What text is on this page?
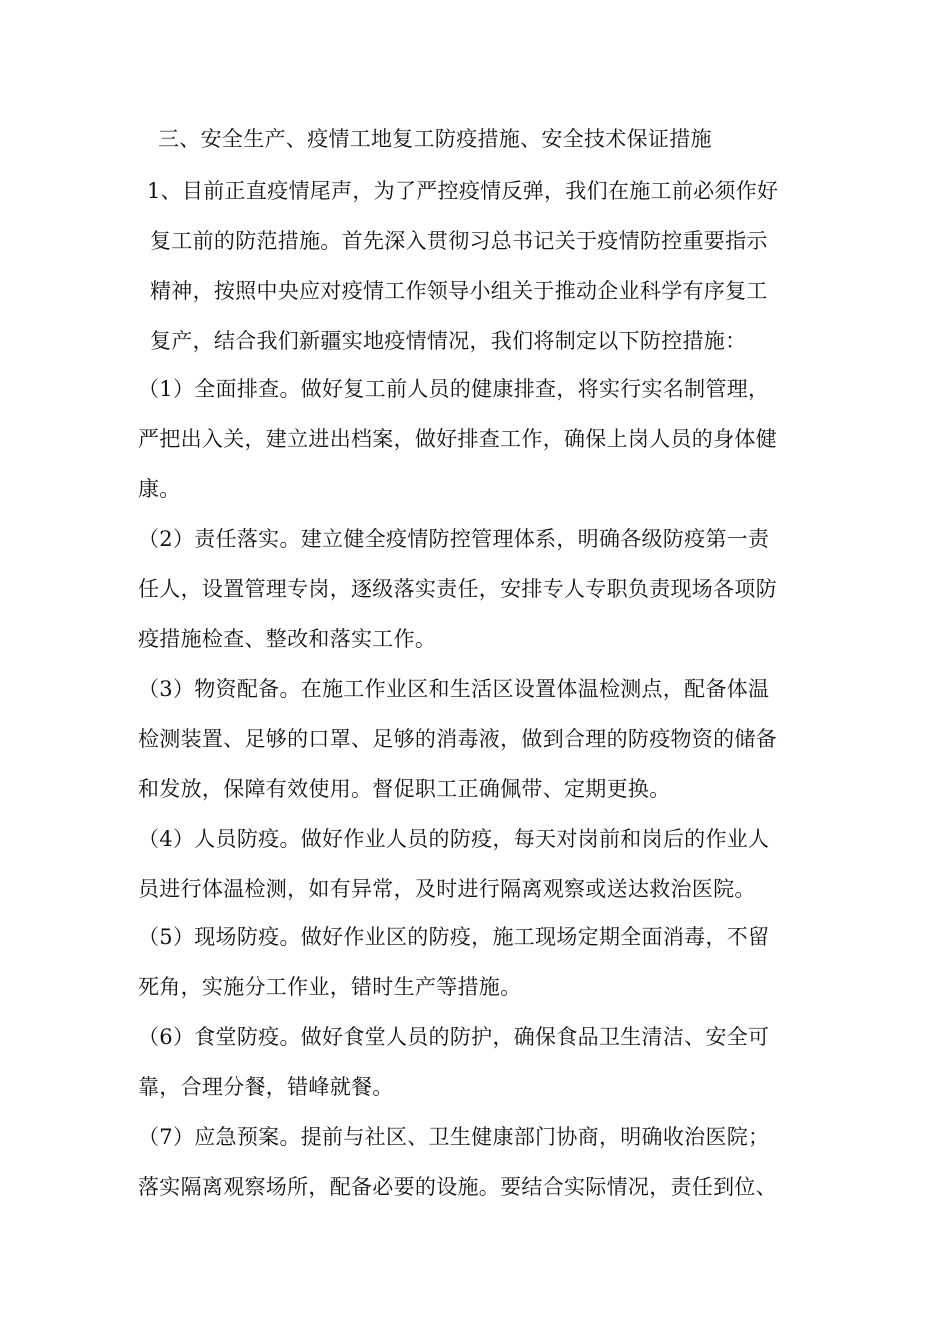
三、安全生产、疫情工地复工防疫措施、安全技术保证措施
1、目前正直疫情尾声，为了严控疫情反弹，我们在施工前必须作好
复工前的防范措施。首先深入贯彻习总书记关于疫情防控重要指示
精神，按照中央应对疫情工作领导小组关于推动企业科学有序复工
复产，结合我们新疆实地疫情情况，我们将制定以下防控措施：
（1）全面排查。做好复工前人员的健康排查，将实行实名制管理，
严把出入关，建立进出档案，做好排查工作，确保上岗人员的身体健
康。
（2）责任落实。建立健全疫情防控管理体系，明确各级防疫第一责
任人，设置管理专岗，逐级落实责任，安排专人专职负责现场各项防
疫措施检查、整改和落实工作。
（3）物资配备。在施工作业区和生活区设置体温检测点，配备体温
检测装置、足够的口罩、足够的消毒液，做到合理的防疫物资的储备
和发放，保障有效使用。督促职工正确佩带、定期更换。
（4）人员防疫。做好作业人员的防疫，每天对岗前和岗后的作业人
员进行体温检测，如有异常，及时进行隔离观察或送达救治医院。
（5）现场防疫。做好作业区的防疫，施工现场定期全面消毒，不留
死角，实施分工作业，错时生产等措施。
（6）食堂防疫。做好食堂人员的防护，确保食品卫生清洁、安全可
靠，合理分餐，错峰就餐。
（7）应急预案。提前与社区、卫生健康部门协商，明确收治医院；
落实隔离观察场所，配备必要的设施。要结合实际情况，责任到位、
